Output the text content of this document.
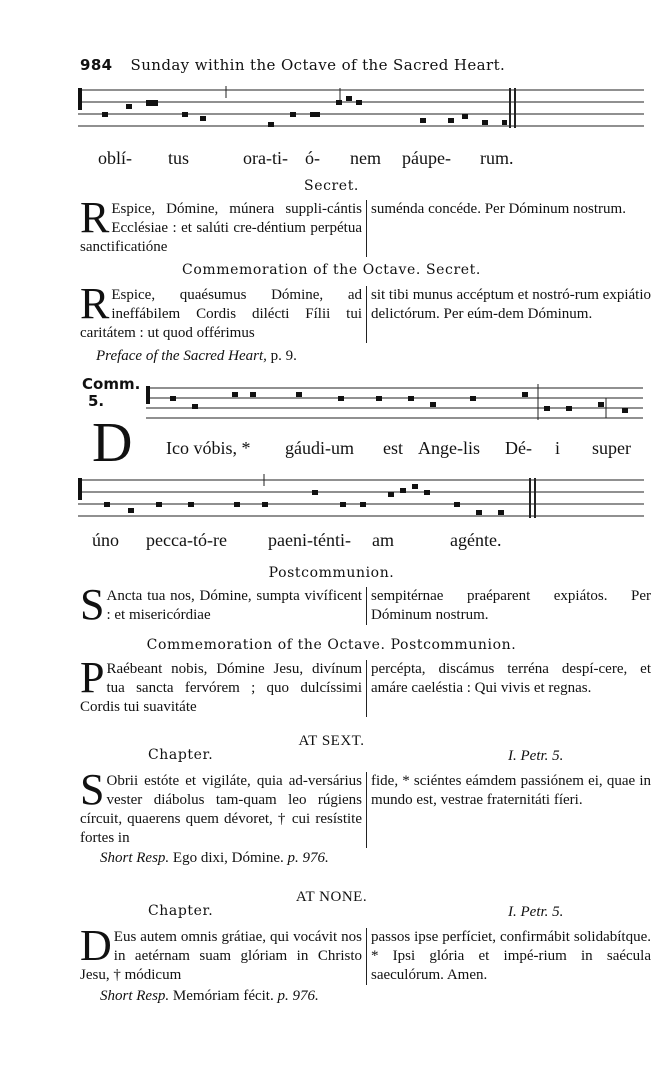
984 Sunday within the Octave of the Sacred Heart.
oblí- tus	ora-ti- ó- nem páupe- rum.
Secret.
R Espice, Dómine, múnera suppli-cántis Ecclésiae : et salúti cre-déntium perpétua sanctificatióne
suménda concéde. Per Dóminum nostrum.
Commemoration of the Octave. Secret.
R Espice, quaésumus Dómine, ad ineffábilem Cordis dilécti Fílii tui caritátem : ut quod offérimus
sit tibi munus accéptum et nostró-rum expiátio delictórum. Per eúm-dem Dóminum.
Preface of the Sacred Heart, p. 9.
Comm.
5.
D Ico vóbis, * gáudi-um est Ange-lis Dé- i super
úno pecca-tó-re paeni-ténti- am	agénte.
Postcommunion.
S Ancta tua nos, Dómine, sumpta vivíficent : et misericórdiae
sempitérnae praéparent expiátos. Per Dóminum nostrum.
Commemoration of the Octave. Postcommunion.
P Raébeant nobis, Dómine Jesu, divínum tua sancta fervórem ; quo dulcíssimi Cordis tui suavitáte
percépta, discámus terréna despí-cere, et amáre caeléstia : Qui vivis et regnas.
AT SEXT.
Chapter.	I. Petr. 5.
S Obrii estóte et vigiláte, quia ad-versárius vester diábolus tam-quam leo rúgiens círcuit, quaerens quem dévoret, † cui resístite fortes in
fide, * sciéntes eámdem passiónem ei, quae in mundo est, vestrae fraternitáti fíeri.
Short Resp. Ego dixi, Dómine. p. 976.
AT NONE.
Chapter.	I. Petr. 5.
D Eus autem omnis grátiae, qui vocávit nos in aetérnam suam glóriam in Christo Jesu, † módicum
passos ipse perfíciet, confirmábit solidabítque. * Ipsi glória et impé-rium in saécula saeculórum. Amen.
Short Resp. Memóriam fécit. p. 976.
